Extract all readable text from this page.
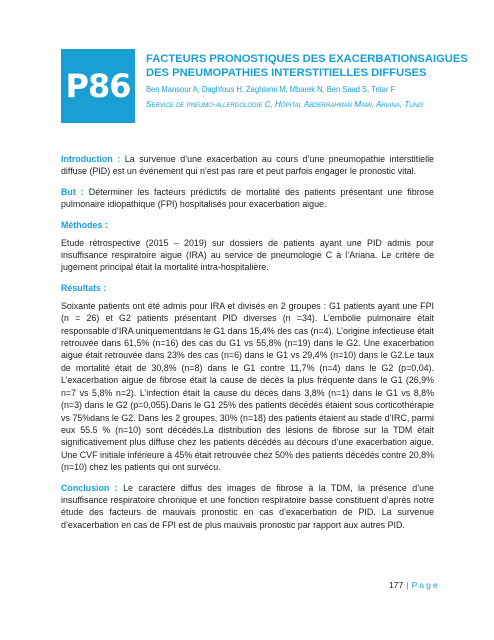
P86
FACTEURS PRONOSTIQUES DES EXACERBATIONSAIGUES DES PNEUMOPATHIES INTERSTITIELLES DIFFUSES

Ben Mansour A, Daghfous H, Zaghlami M, Mbarek N, Ben Saad S, Tritar F

Service de pneumo-allergologie C, Hôpital Abderrahman Mami, Ariana, Tunis

Introduction : La survenue d’une exacerbation au cours d’une pneumopathie interstitielle diffuse (PID) est un événement qui n’est pas rare et peut parfois engager le pronostic vital.

But : Déterminer les facteurs prédictifs de mortalité des patients présentant une fibrose pulmonaire idiopathique (FPI) hospitalisés pour exacerbation aigue.

Méthodes :

Etude rétrospective (2015 – 2019) sur dossiers de patients ayant une PID admis pour insuffisance respiratoire aigue (IRA) au service de pneumologie C à l’Ariana. Le critère de jugement principal était la mortalité intra-hospitalière.

Résultats :

Soixante patients ont été admis pour IRA et divisés en 2 groupes : G1 patients ayant une FPI (n = 26) et G2 patients présentant PID diverses (n =34). L’embolie pulmonaire était responsable d’IRA uniquementdans le G1 dans 15,4% des cas (n=4). L’origine infectieuse était retrouvée dans 61,5% (n=16) des cas du G1 vs 55,8% (n=19) dans le G2. Une exacerbation aigue était retrouvée dans 23% des cas (n=6) dans le G1 vs 29,4% (n=10) dans le G2.Le taux de mortalité était de 30,8% (n=8) dans le G1 contre 11,7% (n=4) dans le G2 (p=0,04). L’exacerbation aigue de fibrose était la cause de décès la plus fréquente dans le G1 (26,9% n=7 vs 5,8% n=2). L’infection était la cause du décès dans 3,8% (n=1) dans le G1 vs 8,8% (n=3) dans le G2 (p=0,055).Dans le G1 25% des patients décédés étaient sous corticothérapie vs 75%dans le G2. Dans les 2 groupes, 30% (n=18) des patients étaient au stade d’IRC, parmi eux 55.5 % (n=10) sont décédés.La distribution des lésions de fibrose sur la TDM était significativement plus diffuse chez les patients décédés au décours d’une exacerbation aigue. Une CVF initiale inférieure à 45% était retrouvée chez 50% des patients décédés contre 20,8% (n=10) chez les patients qui ont survécu.

Conclusion : Le caractère diffus des images de fibrose à la TDM, la présence d’une insuffisance respiratoire chronique et une fonction respiratoire basse constituent d’après notre étude des facteurs de mauvais pronostic en cas d’exacerbation de PID. La survenue d’exacerbation en cas de FPI est de plus mauvais pronostic par rapport aux autres PID.

177 | Page
